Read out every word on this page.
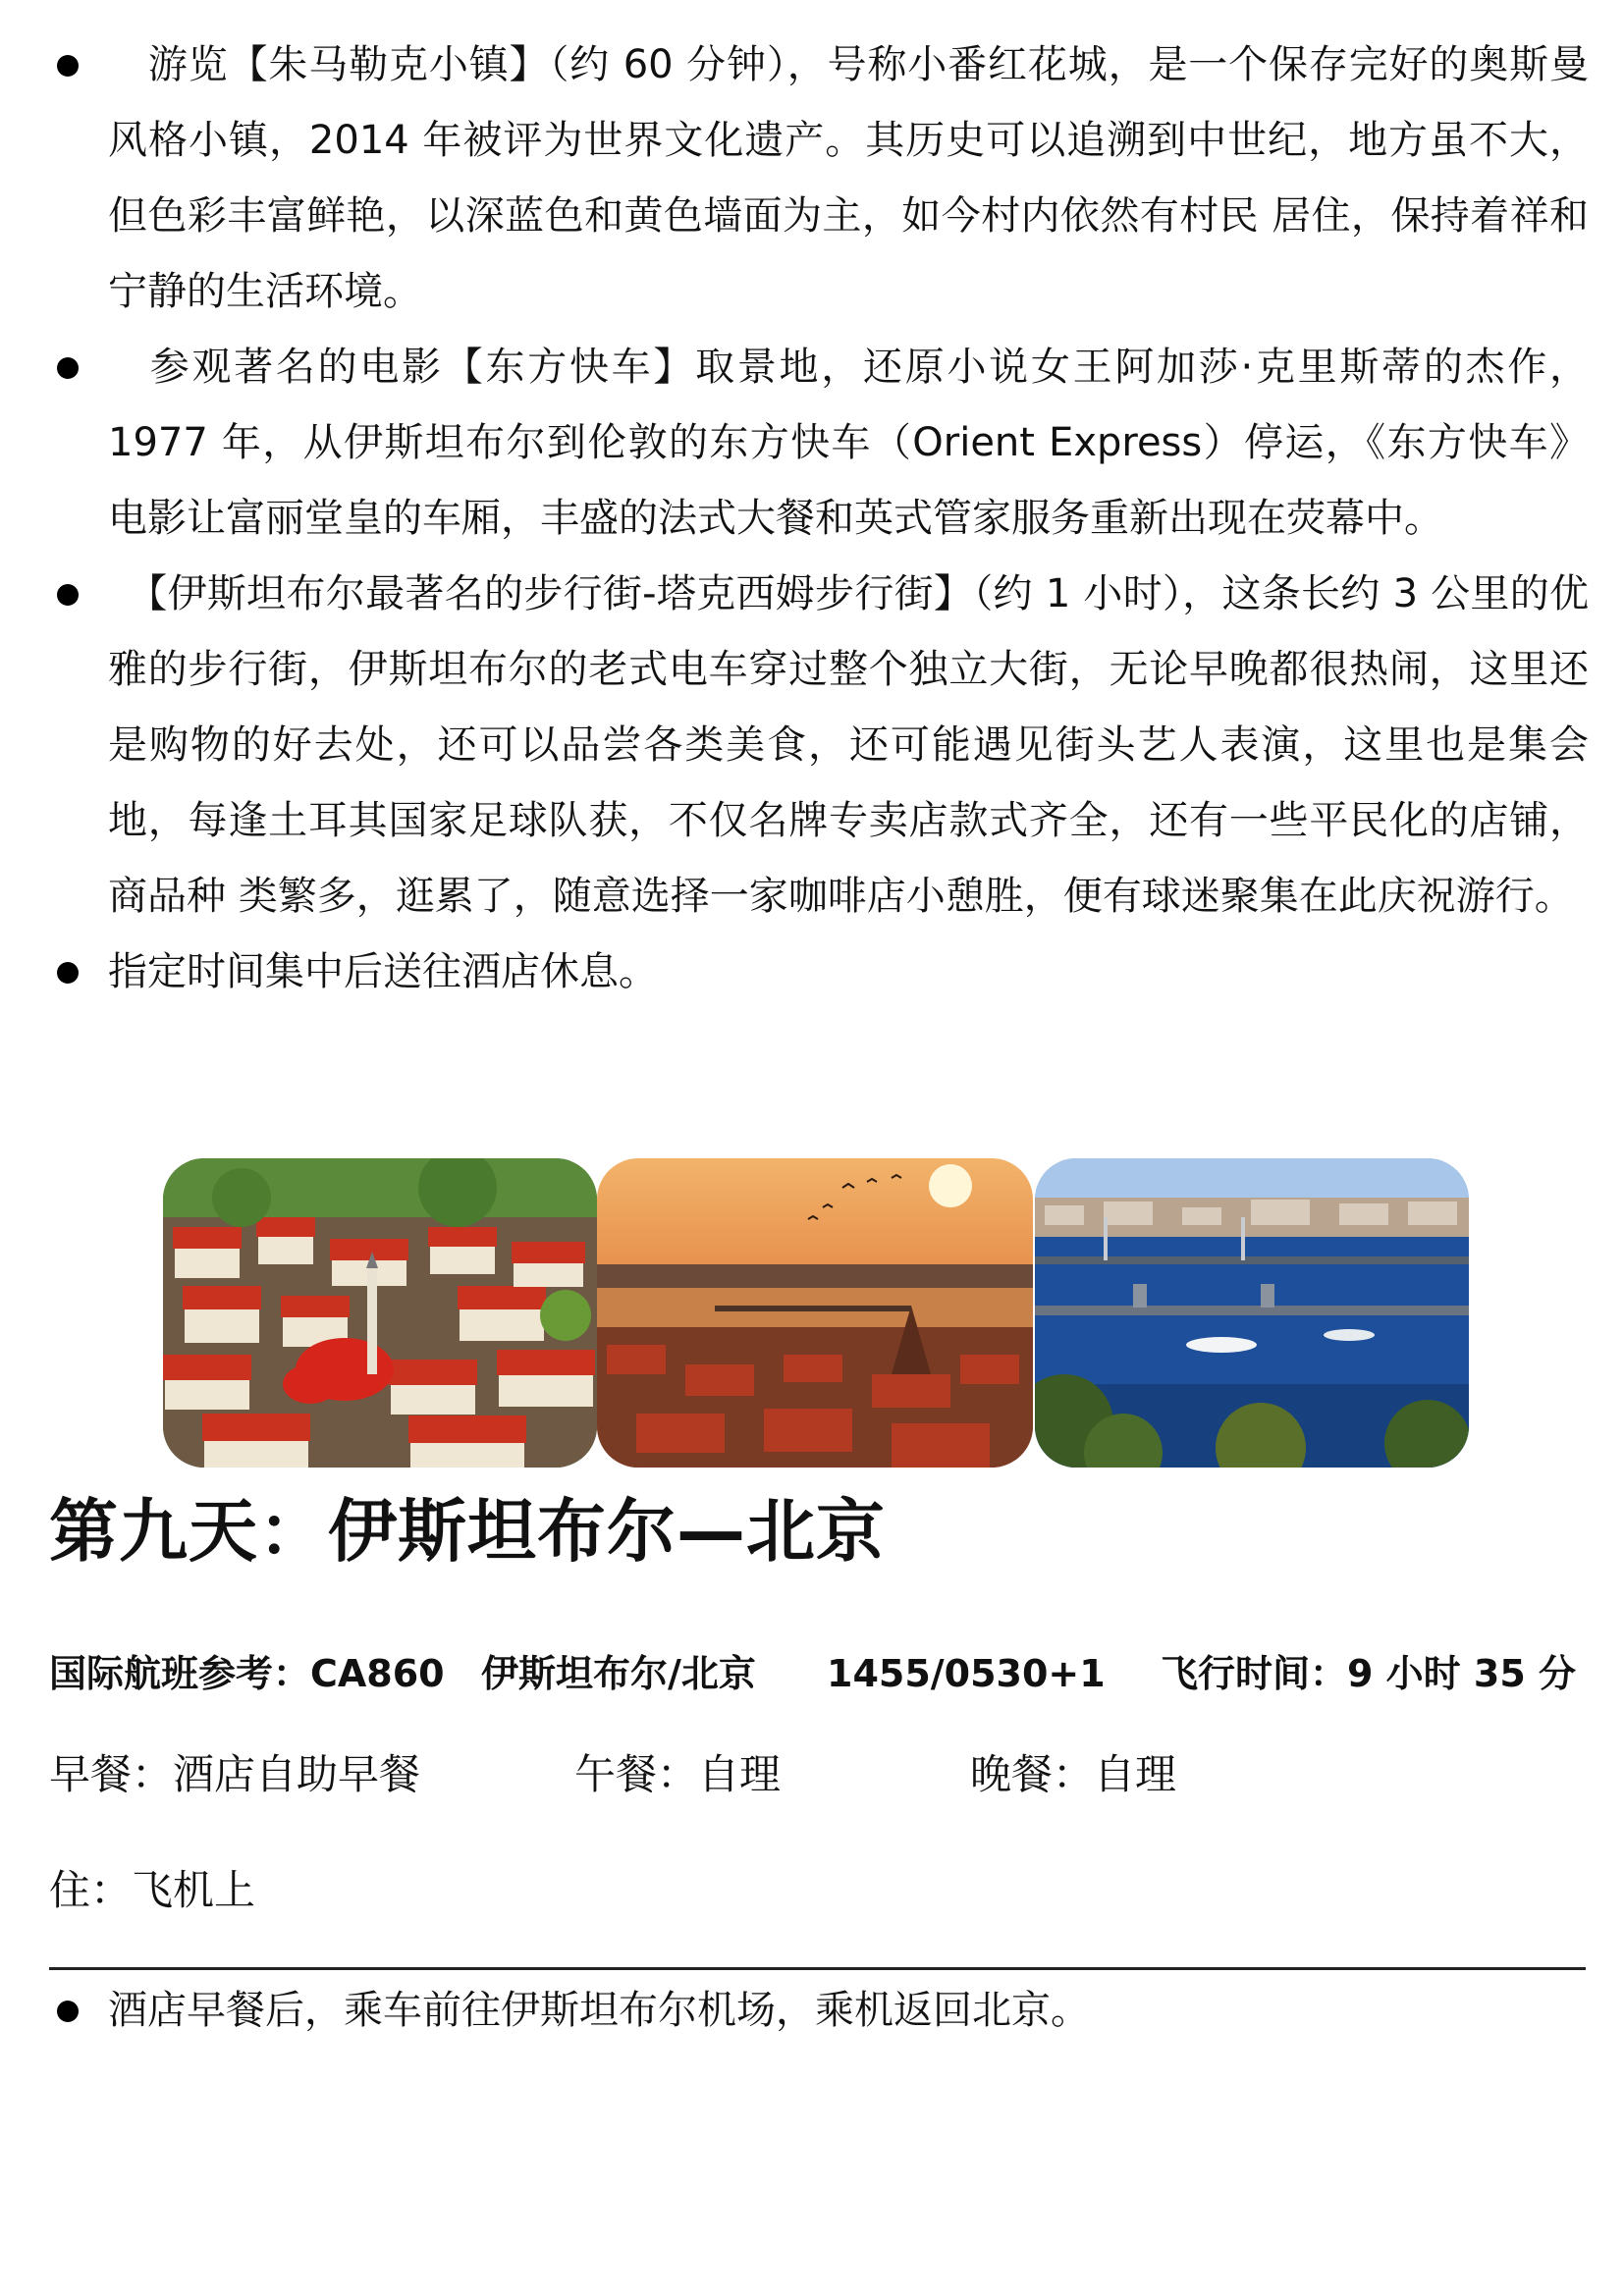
　游览【朱马勒克小镇】（约 60 分钟），号称小番红花城，是一个保存完好的奥斯曼风格小镇，2014 年被评为世界文化遗产。其历史可以追溯到中世纪，地方虽不大，但色彩丰富鲜艳，以深蓝色和黄色墙面为主，如今村内依然有村民 居住，保持着祥和宁静的生活环境。
　参观著名的电影【东方快车】取景地，还原小说女王阿加莎·克里斯蒂的杰作，1977 年，从伊斯坦布尔到伦敦的东方快车（Orient Express）停运，《东方快车》电影让富丽堂皇的车厢，丰盛的法式大餐和英式管家服务重新出现在荧幕中。
　【伊斯坦布尔最著名的步行街-塔克西姆步行街】（约 1 小时），这条长约 3 公里的优雅的步行街，伊斯坦布尔的老式电车穿过整个独立大街，无论早晚都很热闹，这里还是购物的好去处，还可以品尝各类美食，还可能遇见街头艺人表演，这里也是集会地，每逢土耳其国家足球队获，不仅名牌专卖店款式齐全，还有一些平民化的店铺，商品种 类繁多，逛累了，随意选择一家咖啡店小憩胜，便有球迷聚集在此庆祝游行。
指定时间集中后送往酒店休息。
第九天：伊斯坦布尔—北京
国际航班参考：CA860 伊斯坦布尔/北京 1455/0530+1 飞行时间：9 小时 35 分
早餐：酒店自助早餐	午餐：自理	晚餐：自理
住：飞机上
酒店早餐后，乘车前往伊斯坦布尔机场，乘机返回北京。
